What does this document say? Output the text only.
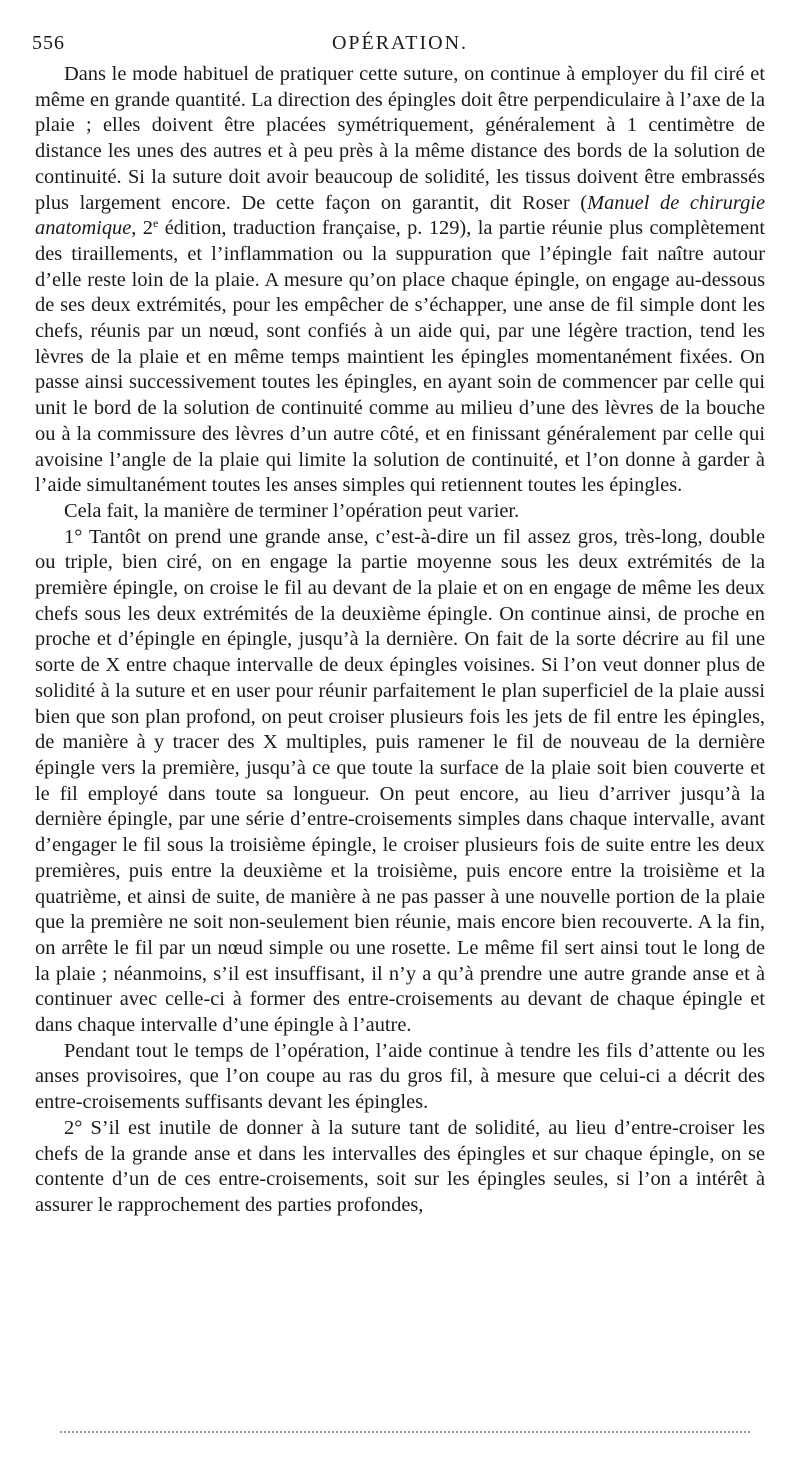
556	OPÉRATION.

Dans le mode habituel de pratiquer cette suture, on continue à employer du fil ciré et même en grande quantité. La direction des épingles doit être perpendiculaire à l’axe de la plaie ; elles doivent être placées symétriquement, généralement à 1 centimètre de distance les unes des autres et à peu près à la même distance des bords de la solution de continuité. Si la suture doit avoir beaucoup de solidité, les tissus doivent être embrassés plus largement encore. De cette façon on garantit, dit Roser (Manuel de chirurgie anatomique, 2e édition, traduction française, p. 129), la partie réunie plus complètement des tiraillements, et l’inflammation ou la suppuration que l’épingle fait naître autour d’elle reste loin de la plaie. A mesure qu’on place chaque épingle, on engage au-dessous de ses deux extrémités, pour les empêcher de s’échapper, une anse de fil simple dont les chefs, réunis par un nœud, sont confiés à un aide qui, par une légère traction, tend les lèvres de la plaie et en même temps maintient les épingles momentanément fixées. On passe ainsi successivement toutes les épingles, en ayant soin de commencer par celle qui unit le bord de la solution de continuité comme au milieu d’une des lèvres de la bouche ou à la commissure des lèvres d’un autre côté, et en finissant généralement par celle qui avoisine l’angle de la plaie qui limite la solution de continuité, et l’on donne à garder à l’aide simultanément toutes les anses simples qui retiennent toutes les épingles.

Cela fait, la manière de terminer l’opération peut varier.

1° Tantôt on prend une grande anse, c’est-à-dire un fil assez gros, très-long, double ou triple, bien ciré, on en engage la partie moyenne sous les deux extrémités de la première épingle, on croise le fil au devant de la plaie et on en engage de même les deux chefs sous les deux extrémités de la deuxième épingle. On continue ainsi, de proche en proche et d’épingle en épingle, jusqu’à la dernière. On fait de la sorte décrire au fil une sorte de X entre chaque intervalle de deux épingles voisines. Si l’on veut donner plus de solidité à la suture et en user pour réunir parfaitement le plan superficiel de la plaie aussi bien que son plan profond, on peut croiser plusieurs fois les jets de fil entre les épingles, de manière à y tracer des X multiples, puis ramener le fil de nouveau de la dernière épingle vers la première, jusqu’à ce que toute la surface de la plaie soit bien couverte et le fil employé dans toute sa longueur. On peut encore, au lieu d’arriver jusqu’à la dernière épingle, par une série d’entre-croisements simples dans chaque intervalle, avant d’engager le fil sous la troisième épingle, le croiser plusieurs fois de suite entre les deux premières, puis entre la deuxième et la troisième, puis encore entre la troisième et la quatrième, et ainsi de suite, de manière à ne pas passer à une nouvelle portion de la plaie que la première ne soit non-seulement bien réunie, mais encore bien recouverte. A la fin, on arrête le fil par un nœud simple ou une rosette. Le même fil sert ainsi tout le long de la plaie ; néanmoins, s’il est insuffisant, il n’y a qu’à prendre une autre grande anse et à continuer avec celle-ci à former des entre-croisements au devant de chaque épingle et dans chaque intervalle d’une épingle à l’autre.

Pendant tout le temps de l’opération, l’aide continue à tendre les fils d’attente ou les anses provisoires, que l’on coupe au ras du gros fil, à mesure que celui-ci a décrit des entre-croisements suffisants devant les épingles.

2° S’il est inutile de donner à la suture tant de solidité, au lieu d’entre-croiser les chefs de la grande anse et dans les intervalles des épingles et sur chaque épingle, on se contente d’un de ces entre-croisements, soit sur les épingles seules, si l’on a intérêt à assurer le rapprochement des parties profondes,
